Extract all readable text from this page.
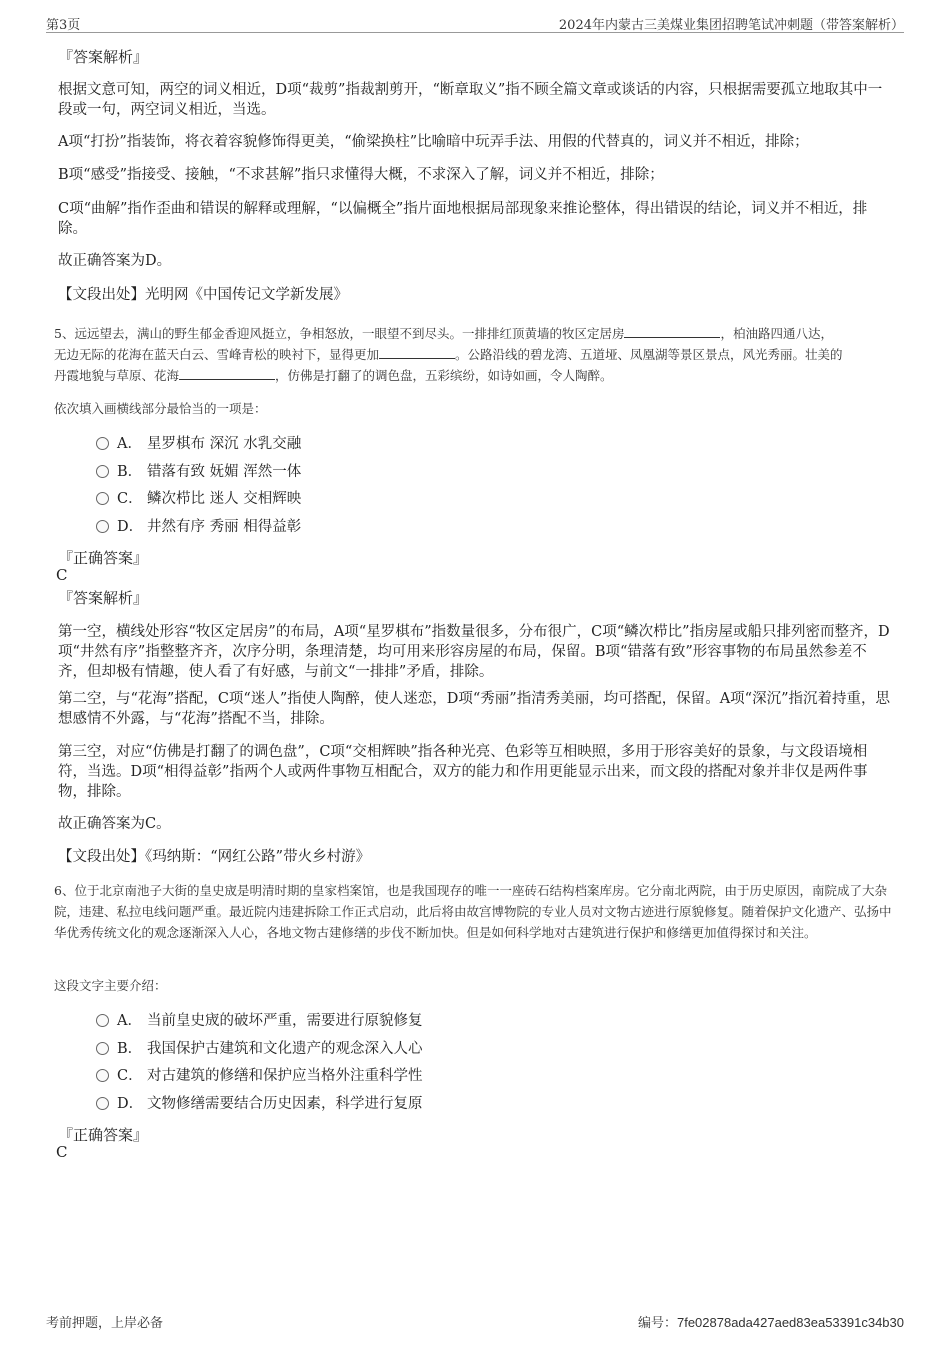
第3页	2024年内蒙古三美煤业集团招聘笔试冲刺题（带答案解析）
『答案解析』
根据文意可知，两空的词义相近，D项“裁剪”指裁割剪开，“断章取义”指不顾全篇文章或谈话的内容，只根据需要孤立地取其中一段或一句，两空词义相近，当选。
A项“打扮”指装饰，将衣着容貌修饰得更美，“偷梁换柱”比喻暗中玩弄手法、用假的代替真的，词义并不相近，排除；
B项“感受”指接受、接触，“不求甚解”指只求懂得大概，不求深入了解，词义并不相近，排除；
C项“曲解”指作歪曲和错误的解释或理解，“以偏概全”指片面地根据局部现象来推论整体，得出错误的结论，词义并不相近，排除。
故正确答案为D。
【文段出处】光明网《中国传记文学新发展》
5、远远望去，满山的野生郁金香迎风挺立，争相怒放，一眼望不到尽头。一排排红顶黄墙的牧区定居房	，柏油路四通八达，
无边无际的花海在蓝天白云、雪峰青松的映衬下，显得更加	。公路沿线的碧龙湾、五道垭、凤凰湖等景区景点，风光秀丽。壮美的
丹霞地貌与草原、花海	，仿佛是打翻了的调色盘，五彩缤纷，如诗如画，令人陶醉。
依次填入画横线部分最恰当的一项是：
A． 星罗棋布 深沉 水乳交融
B． 错落有致 妩媚 浑然一体
C． 鳞次栉比 迷人 交相辉映
D． 井然有序 秀丽 相得益彰
『正确答案』
C
『答案解析』
第一空，横线处形容“牧区定居房”的布局，A项“星罗棋布”指数量很多，分布很广，C项“鳞次栉比”指房屋或船只排列密而整齐，D项“井然有序”指整整齐齐，次序分明，条理清楚，均可用来形容房屋的布局，保留。B项“错落有致”形容事物的布局虽然参差不齐，但却极有情趣，使人看了有好感，与前文“一排排”矛盾，排除。
第二空，与“花海”搭配，C项“迷人”指使人陶醉，使人迷恋，D项“秀丽”指清秀美丽，均可搭配，保留。A项“深沉”指沉着持重，思想感情不外露，与“花海”搭配不当，排除。
第三空，对应“仿佛是打翻了的调色盘”，C项“交相辉映”指各种光亮、色彩等互相映照，多用于形容美好的景象，与文段语境相符，当选。D项“相得益彰”指两个人或两件事物互相配合，双方的能力和作用更能显示出来，而文段的搭配对象并非仅是两件事物，排除。
故正确答案为C。
【文段出处】《玛纳斯：“网红公路”带火乡村游》
6、位于北京南池子大街的皇史宬是明清时期的皇家档案馆，也是我国现存的唯一一座砖石结构档案库房。它分南北两院，由于历史原因，南院成了大杂院，违建、私拉电线问题严重。最近院内违建拆除工作正式启动，此后将由故宫博物院的专业人员对文物古迹进行原貌修复。随着保护文化遗产、弘扬中华优秀传统文化的观念逐渐深入人心，各地文物古建修缮的步伐不断加快。但是如何科学地对古建筑进行保护和修缮更加值得探讨和关注。
这段文字主要介绍：
A． 当前皇史宬的破坏严重，需要进行原貌修复
B． 我国保护古建筑和文化遗产的观念深入人心
C． 对古建筑的修缮和保护应当格外注重科学性
D． 文物修缮需要结合历史因素，科学进行复原
『正确答案』
C
考前押题，上岸必备	编号：7fe02878ada427aed83ea53391c34b30
